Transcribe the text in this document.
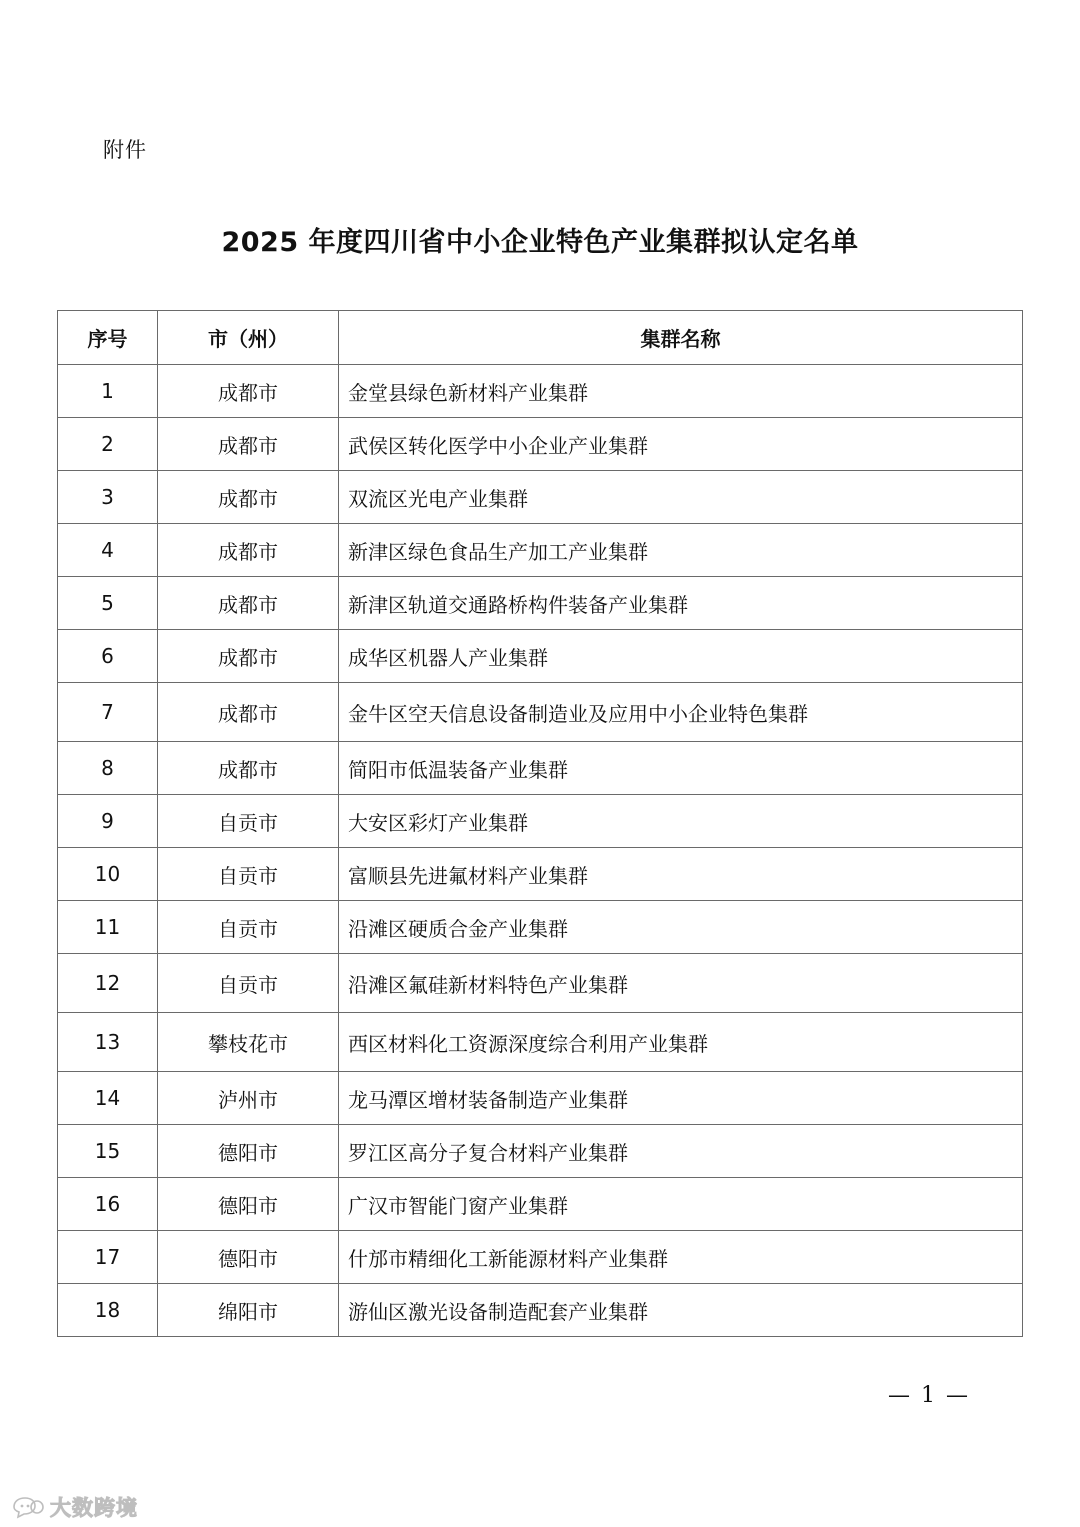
附件
2025 年度四川省中小企业特色产业集群拟认定名单
序号	市（州）	集群名称
1	成都市	金堂县绿色新材料产业集群
2	成都市	武侯区转化医学中小企业产业集群
3	成都市	双流区光电产业集群
4	成都市	新津区绿色食品生产加工产业集群
5	成都市	新津区轨道交通路桥构件装备产业集群
6	成都市	成华区机器人产业集群
7	成都市	金牛区空天信息设备制造业及应用中小企业特色集群
8	成都市	简阳市低温装备产业集群
9	自贡市	大安区彩灯产业集群
10	自贡市	富顺县先进氟材料产业集群
11	自贡市	沿滩区硬质合金产业集群
12	自贡市	沿滩区氟硅新材料特色产业集群
13	攀枝花市	西区材料化工资源深度综合利用产业集群
14	泸州市	龙马潭区增材装备制造产业集群
15	德阳市	罗江区高分子复合材料产业集群
16	德阳市	广汉市智能门窗产业集群
17	德阳市	什邡市精细化工新能源材料产业集群
18	绵阳市	游仙区激光设备制造配套产业集群
— 1 —
大数跨境
